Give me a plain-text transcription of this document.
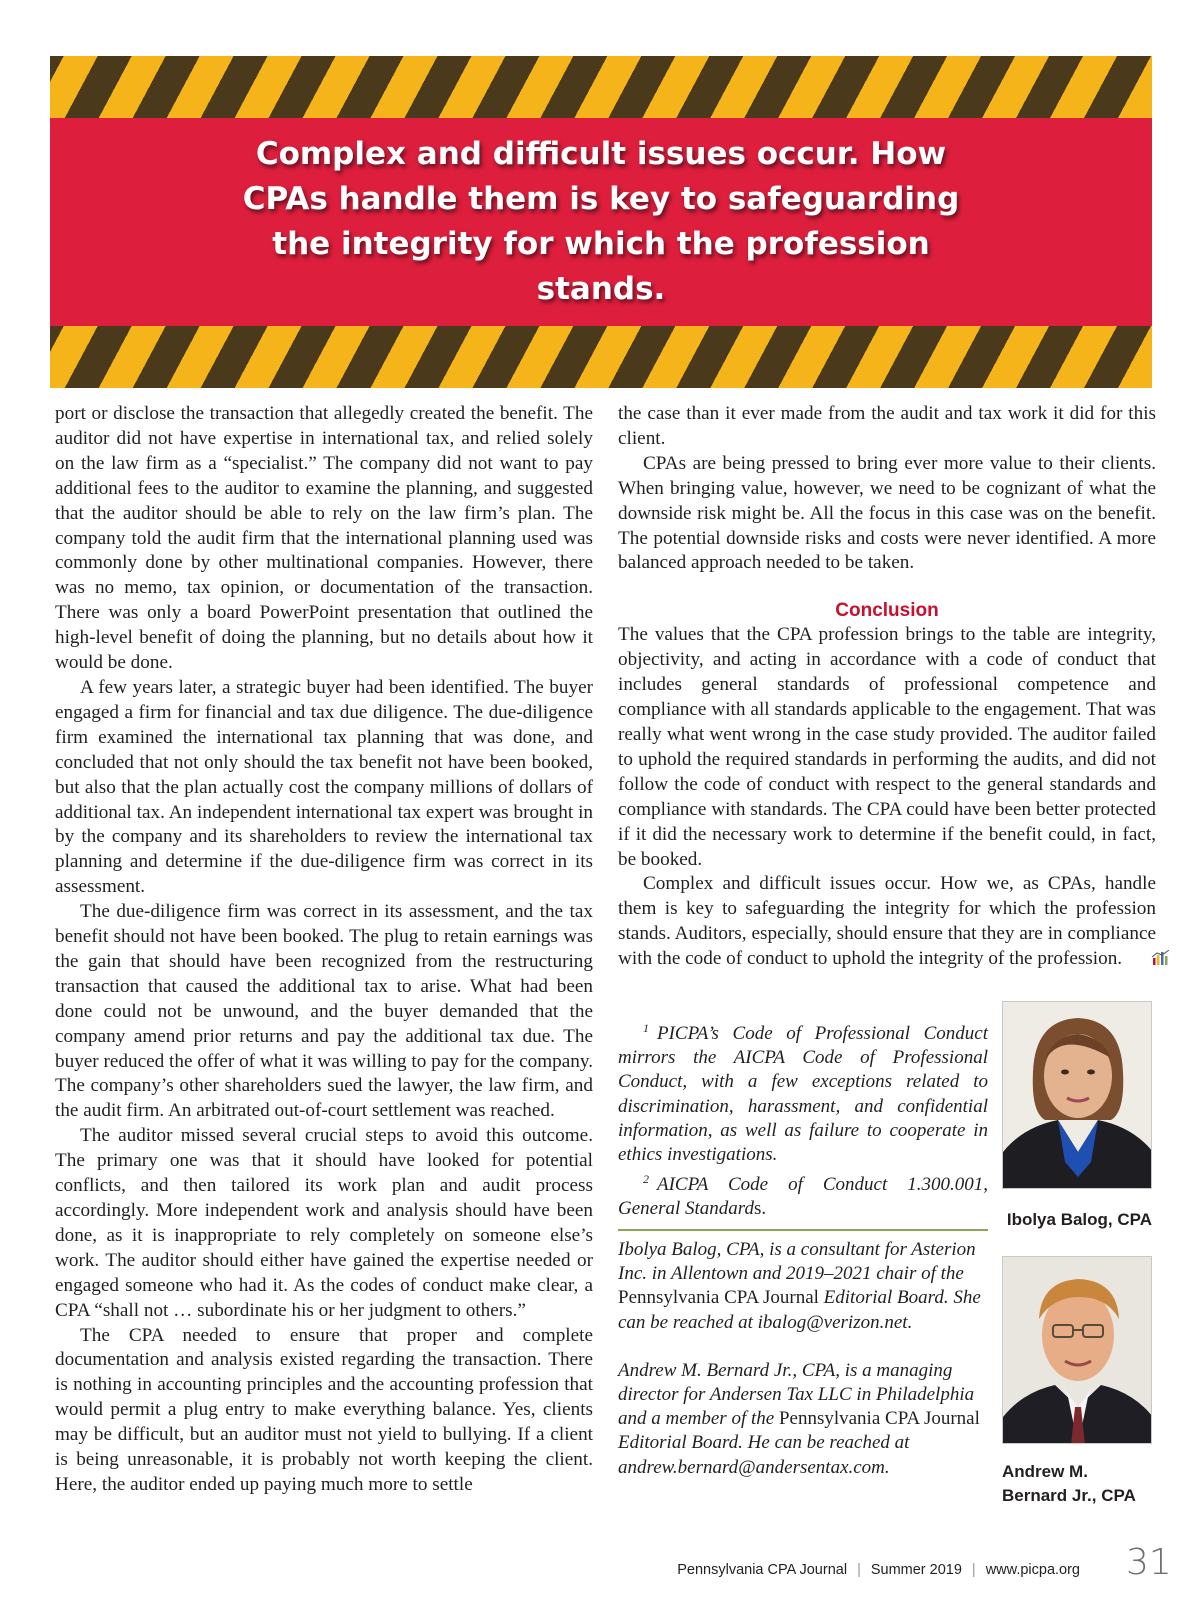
Complex and difficult issues occur. How CPAs handle them is key to safeguarding the integrity for which the profession stands.

port or disclose the transaction that allegedly created the benefit. The auditor did not have expertise in international tax, and relied solely on the law firm as a “specialist.” The company did not want to pay additional fees to the auditor to examine the planning, and suggested that the auditor should be able to rely on the law firm’s plan. The company told the audit firm that the international planning used was commonly done by other multinational companies. However, there was no memo, tax opinion, or documentation of the transaction. There was only a board PowerPoint presentation that outlined the high-level benefit of doing the planning, but no details about how it would be done.

A few years later, a strategic buyer had been identified. The buyer engaged a firm for financial and tax due diligence. The due-diligence firm examined the international tax planning that was done, and concluded that not only should the tax benefit not have been booked, but also that the plan actually cost the company millions of dollars of additional tax. An independent international tax expert was brought in by the company and its shareholders to review the international tax planning and determine if the due-diligence firm was correct in its assessment.

The due-diligence firm was correct in its assessment, and the tax benefit should not have been booked. The plug to retain earnings was the gain that should have been recognized from the restructuring transaction that caused the additional tax to arise. What had been done could not be unwound, and the buyer demanded that the company amend prior returns and pay the additional tax due. The buyer reduced the offer of what it was willing to pay for the company. The company’s other shareholders sued the lawyer, the law firm, and the audit firm. An arbitrated out-of-court settlement was reached.

The auditor missed several crucial steps to avoid this outcome. The primary one was that it should have looked for potential conflicts, and then tailored its work plan and audit process accordingly. More independent work and analysis should have been done, as it is inappropriate to rely completely on someone else’s work. The auditor should either have gained the expertise needed or engaged someone who had it. As the codes of conduct make clear, a CPA “shall not … subordinate his or her judgment to others.”

The CPA needed to ensure that proper and complete documentation and analysis existed regarding the transaction. There is nothing in accounting principles and the accounting profession that would permit a plug entry to make everything balance. Yes, clients may be difficult, but an auditor must not yield to bullying. If a client is being unreasonable, it is probably not worth keeping the client. Here, the auditor ended up paying much more to settle

the case than it ever made from the audit and tax work it did for this client.

CPAs are being pressed to bring ever more value to their clients. When bringing value, however, we need to be cognizant of what the downside risk might be. All the focus in this case was on the benefit. The potential downside risks and costs were never identified. A more balanced approach needed to be taken.

Conclusion

The values that the CPA profession brings to the table are integrity, objectivity, and acting in accordance with a code of conduct that includes general standards of professional competence and compliance with all standards applicable to the engagement. That was really what went wrong in the case study provided. The auditor failed to uphold the required standards in performing the audits, and did not follow the code of conduct with respect to the general standards and compliance with standards. The CPA could have been better protected if it did the necessary work to determine if the benefit could, in fact, be booked.

Complex and difficult issues occur. How we, as CPAs, handle them is key to safeguarding the integrity for which the profession stands. Auditors, especially, should ensure that they are in compliance with the code of conduct to uphold the integrity of the profession.

$^1$ PICPA’s Code of Professional Conduct mirrors the AICPA Code of Professional Conduct, with a few exceptions related to discrimination, harassment, and confidential information, as well as failure to cooperate in ethics investigations.

$^2$ AICPA Code of Conduct 1.300.001, General Standards.

Ibolya Balog, CPA, is a consultant for Asterion Inc. in Allentown and 2019–2021 chair of the Pennsylvania CPA Journal Editorial Board. She can be reached at ibalog@verizon.net.

Andrew M. Bernard Jr., CPA, is a managing director for Andersen Tax LLC in Philadelphia and a member of the Pennsylvania CPA Journal Editorial Board. He can be reached at andrew.bernard@andersentax.com.

Ibolya Balog, CPA
Andrew M.
Bernard Jr., CPA
Pennsylvania CPA Journal | Summer 2019 | www.picpa.org 31
